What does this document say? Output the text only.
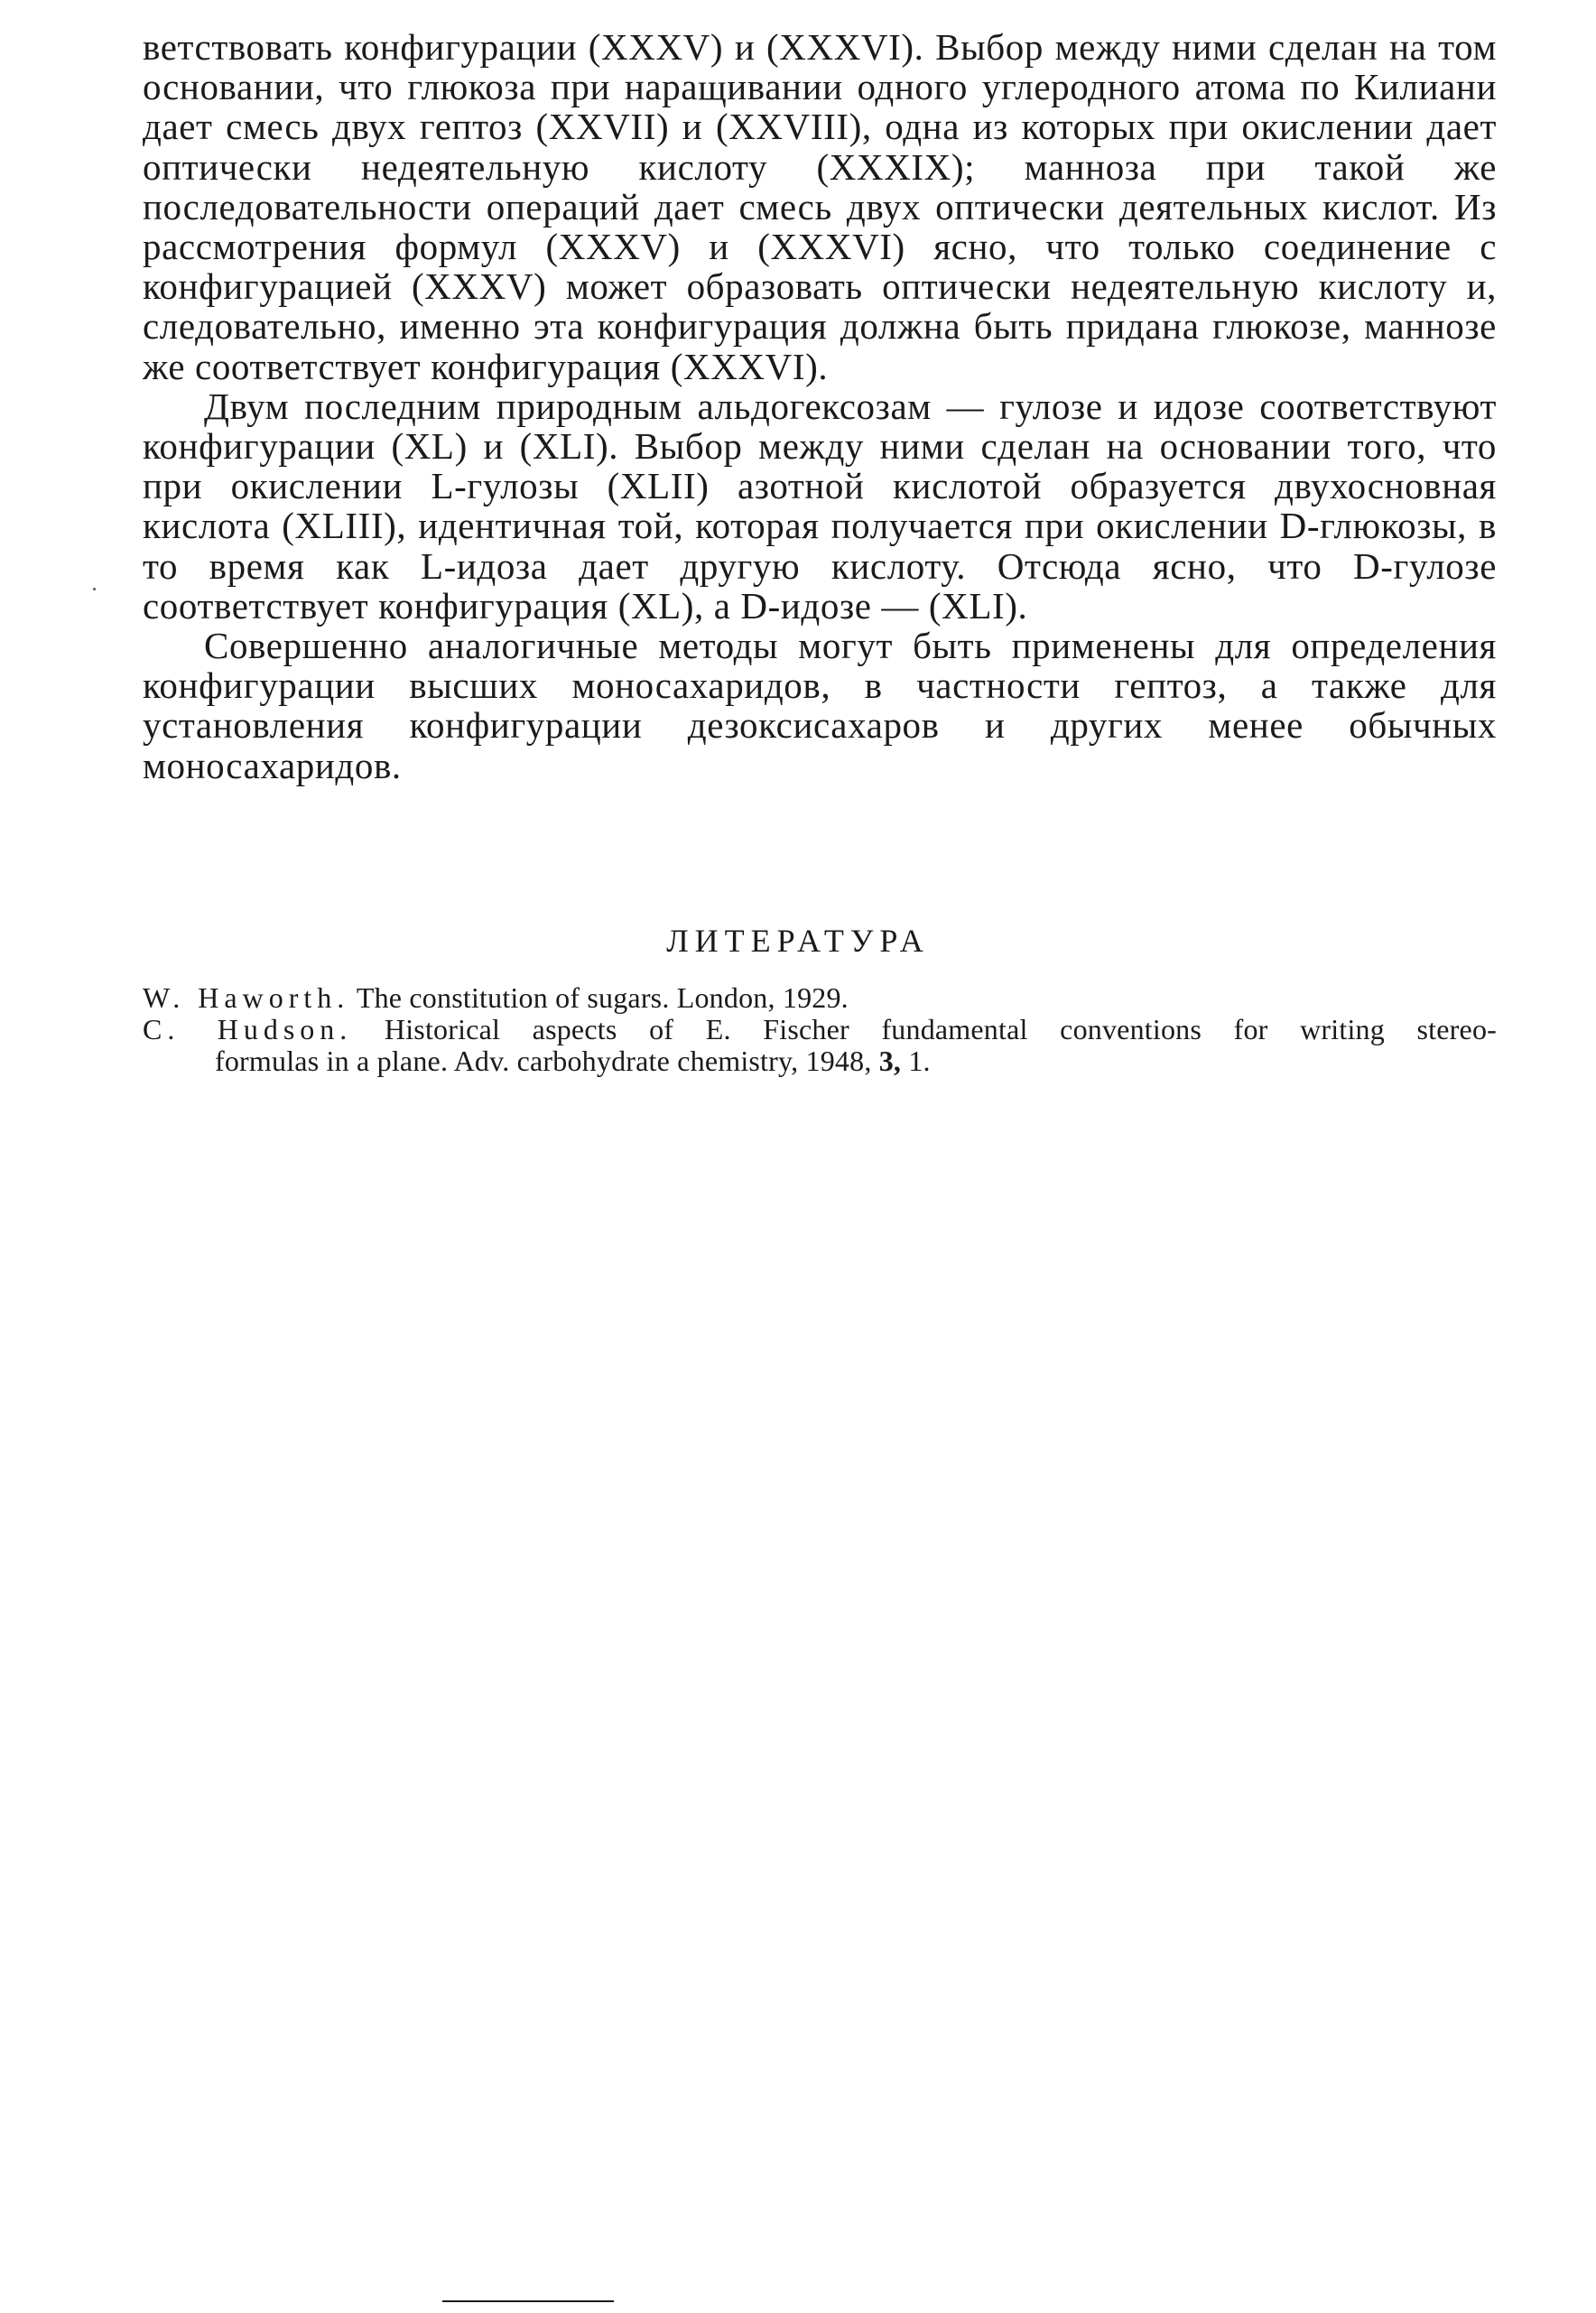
ветствовать конфигурации (XXXV) и (XXXVI). Выбор между ними сделан на том основании, что глюкоза при наращивании одного углеродного атома по Килиани дает смесь двух гептоз (XXVII) и (XXVIII), одна из которых при окислении дает оптически недеятельную кислоту (XXXIX); манноза при такой же последовательности операций дает смесь двух оптически деятельных кислот. Из рассмотрения формул (XXXV) и (XXXVI) ясно, что только соединение с конфигурацией (XXXV) может образовать оптически недеятельную кислоту и, следовательно, именно эта конфигурация должна быть придана глюкозе, маннозе же соответствует конфигурация (XXXVI).

Двум последним природным альдогексозам — гулозе и идозе соответствуют конфигурации (XL) и (XLI). Выбор между ними сделан на основании того, что при окислении L-гулозы (XLII) азотной кислотой образуется двухосновная кислота (XLIII), идентичная той, которая получается при окислении D-глюкозы, в то время как L-идоза дает другую кислоту. Отсюда ясно, что D-гулозе соответствует конфигурация (XL), а D-идозе — (XLI).

Совершенно аналогичные методы могут быть применены для определения конфигурации высших моносахаридов, в частности гептоз, а также для установления конфигурации дезоксисахаров и других менее обычных моносахаридов.

ЛИТЕРАТУРА

W. Haworth. The constitution of sugars. London, 1929.

C. Hudson. Historical aspects of E. Fischer fundamental conventions for writing stereo-
formulas in a plane. Adv. carbohydrate chemistry, 1948, 3, 1.
